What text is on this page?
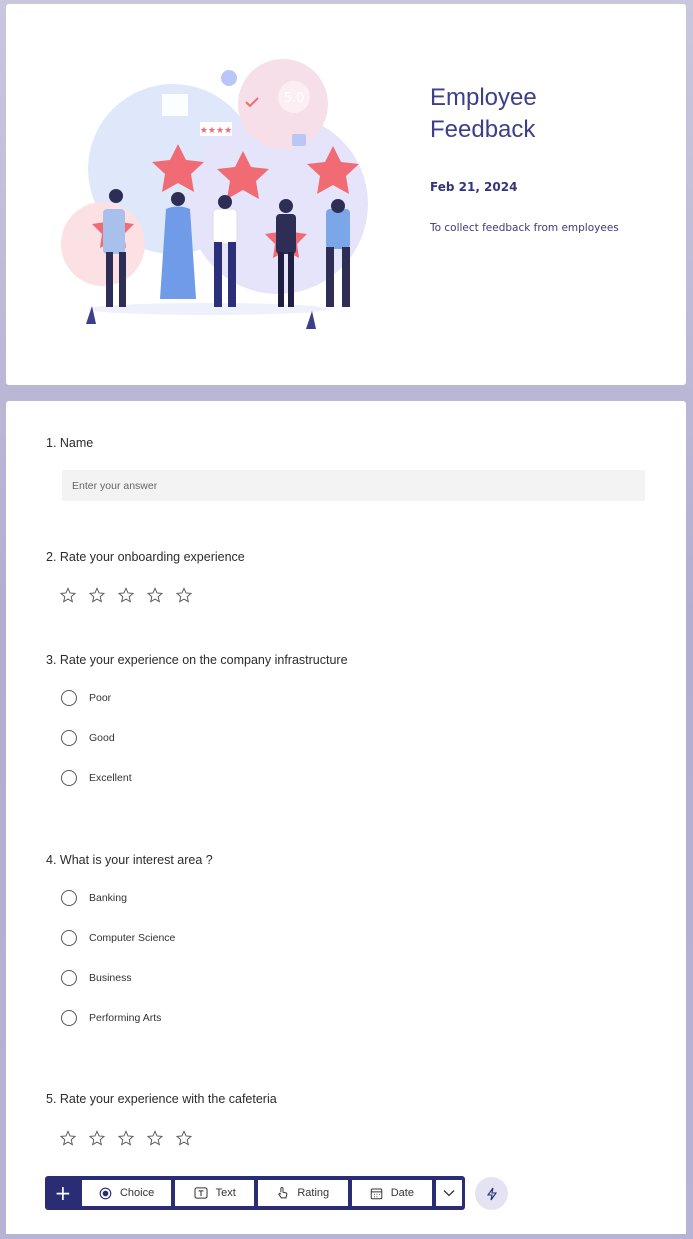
★★★★
5.0	Employee Feedback
Feb 21, 2024
To collect feedback from employees
1. Name
Enter your answer
2. Rate your onboarding experience
3. Rate your experience on the company infrastructure
Poor
Good
Excellent
4. What is your interest area ?
Banking
Computer Science
Business
Performing Arts
5. Rate your experience with the cafeteria
+	Choice	Text	Rating	Date
